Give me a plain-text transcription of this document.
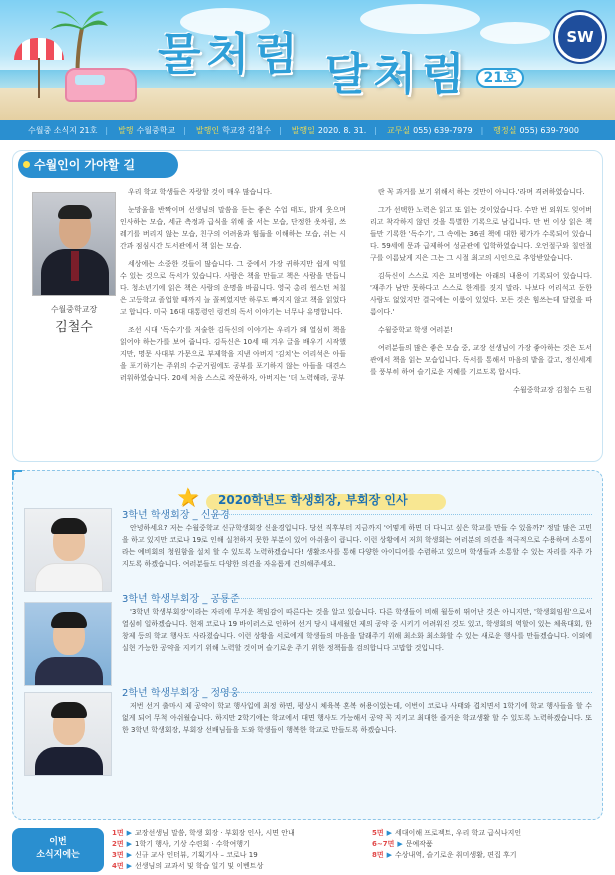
물처럼 달처럼 21호
SW
수월중 소식지 21호 | 발행 수월중학교 | 발행인 학교장 김철수 | 발행일 2020. 8. 31. | 교무실 055) 639-7979 | 행정실 055) 639-7900
수월인이 가야할 길
수월중학교장
김철수

우리 학교 학생들은 자랑할 것이 매우 많습니다.

눈망울을 반짝이며 선생님의 말씀을 듣는 좋은 수업 태도, 밝게 웃으며 인사하는 모습, 세균 측정과 급식을 위해 줄 서는 모습, 단정한 옷차림, 쓰레기를 버리지 않는 모습, 친구의 어려움과 힘듦을 이해하는 모습, 쉬는 시간과 점심시간 도서관에서 책 읽는 모습.

세상에는 소중한 것들이 많습니다. 그 중에서 가장 귀하지만 쉽게 익힐 수 있는 것으로 독서가 있습니다. 사람은 책을 만들고 책은 사람을 만듭니다. 청소년기에 읽은 책은 사람의 운명을 바꿉니다. 영국 총리 윈스턴 처칠은 고등학교 졸업할 때까지 늘 꼴찌였지만 하루도 빠지지 않고 책을 읽었다고 합니다. 미국 16대 대통령인 링컨의 독서 이야기는 너무나 유명합니다.

조선 시대 '독수기'를 저술한 김득신의 이야기는 우리가 왜 열심히 책을 읽어야 하는가를 보여 줍니다. 김득신은 10세 때 겨우 글을 배우기 시작했지만, 명문 사대부 가문으로 부제학을 지낸 아버지 '김치'는 어리석은 아들을 포기하기는 주위의 수군거림에도 공부를 포기하지 않는 아들을 대견스러워하였습니다. 20세 처음 스스로 작문하자, 아버지는 '더 노력해라, 공부

란 꼭 과거를 보기 위해서 하는 것만이 아니다.'라며 격려하였습니다.

그가 선택한 노력은 읽고 또 읽는 것이었습니다. 수만 번 외워도 잊어버리고 착각하지 않던 것을 특별한 기록으로 남깁니다. 만 번 이상 읽은 책들만 기록한 '독수기', 그 속에는 36권 책에 대한 평가가 수록되어 있습니다. 59세에 문과 급제하여 성균관에 입학하였습니다. 오언절구와 칠언절구를 이름났게 지은 그는 그 시절 최고의 시인으로 추앙받았습니다.

김득신이 스스로 지은 묘비명에는 아래의 내용이 기록되어 있습니다. '재주가 남만 못하다고 스스로 한계를 짓지 말라. 나보다 어리석고 둔한 사람도 없었지만 결국에는 이룸이 있었다. 모든 것은 힘쓰는데 달렸을 따름이다.'

수월중학교 학생 여러분!

여러분들의 많은 좋은 모습 중, 교장 선생님이 가장 좋아하는 것은 도서관에서 책을 읽는 모습입니다. 독서를 통해서 마음의 밭을 갈고, 정신세계를 풍부히 하여 슬기로운 지혜를 기르도록 합시다.

수월중학교장 김철수 드림

★	2020학년도 학생회장, 부회장 인사
3학년 학생회장 _ 신윤경

안녕하세요? 저는 수월중학교 신규학생회장 신윤경입니다. 당선 직후부터 지금까지 '어떻게 하면 더 다니고 싶은 학교를 만들 수 있을까?' 정말 많은 고민을 하고 있지만 코로나 19로 인해 실천하지 못한 부분이 있어 아쉬움이 큽니다. 이런 상황에서 저희 학생회는 여러분의 의견을 적극적으로 수용하며 소통이라는 예비회의 청원함을 설치 할 수 있도록 노력하겠습니다! 생활조사를 통해 다양한 아이디어를 수렴하고 있으며 학생들과 소통할 수 있는 자리를 자주 가지도록 하겠습니다. 여러분들도 다양한 의견을 자유롭게 건의해주세요.

3학년 학생부회장 _ 공룡준

'3학년 학생부회장'이라는 자리에 무거운 책임감이 따른다는 것을 알고 있습니다. 다른 학생들이 비해 월등히 뛰어난 것은 아니지만, '학생회임원'으로서 열심히 일하겠습니다. 현재 코로나 19 바이러스로 인하여 선거 당시 내세웠던 제의 공약 중 시키기 어려워진 것도 있고, 학생회의 역할이 있는 체육대회, 한창제 등의 학교 행사도 사라졌습니다. 이런 상황을 서로에게 학생들의 마음을 달래주기 위해 최소화 최소화할 수 있는 새로운 행사를 만들겠습니다. 이외에 실현 가능한 공약을 지키기 위해 노력할 것이며 슬기로운 주기 위한 정책들을 검의합니다 고맙합 것입니다.

2학년 학생부회장 _ 정영웅

저번 선거 출마시 제 공약이 학교 행사입에 최정 하면, 평상시 체육복 혼복 허용이었는데, 이번이 코로나 사태와 겹치면서 1학기에 학교 행사들을 할 수 없게 되어 무척 아쉬웠습니다. 하지만 2학기에는 학교에서 대면 행사도 가능해서 공약 꼭 지키고 최대한 즐거운 학교생활 할 수 있도록 노력하겠습니다. 또한 3학년 학생회장, 부회장 선배님들을 도와 학생들이 행복한 학교로 만들도록 하겠습니다.

이번
소식지에는
1면 ▶ 교장선생님 말씀, 학생 회장 · 부회장 인사, 시면 안내
2면 ▶ 1학기 행사, 기상 수련회 · 수학여행기
3면 ▶ 신규 교사 인터뷰, 기획기사 – 코로나 19
4면 ▶ 선생님의 교과서 및 학습 일기 및 이벤트상
5면 ▶ 세대이해 프로젝트, 우리 학교 급식나지인
6~7면 ▶ 문예작품
8면 ▶ 수상내역, 슬기로운 취미생활, 편집 후기
